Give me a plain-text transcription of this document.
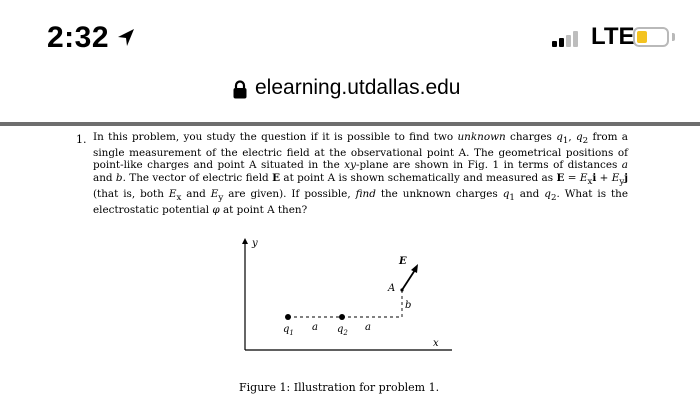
2:32	LTE
elearning.utdallas.edu
1. In this problem, you study the question if it is possible to find two unknown charges $q_1$, $q_2$ from a single measurement of the electric field at the observational point A. The geometrical positions of point-like charges and point A situated in the xy-plane are shown in Fig. 1 in terms of distances a and b. The vector of electric field E at point A is shown schematically and measured as $E = E_xi + E_yj$ (that is, both $E_x$ and $E_y$ are given). If possible, find the unknown charges $q_1$ and $q_2$. What is the electrostatic potential φ at point A then?
y
x
a	a
$q_1$	$q_2$
b
A
E
Figure 1: Illustration for problem 1.
